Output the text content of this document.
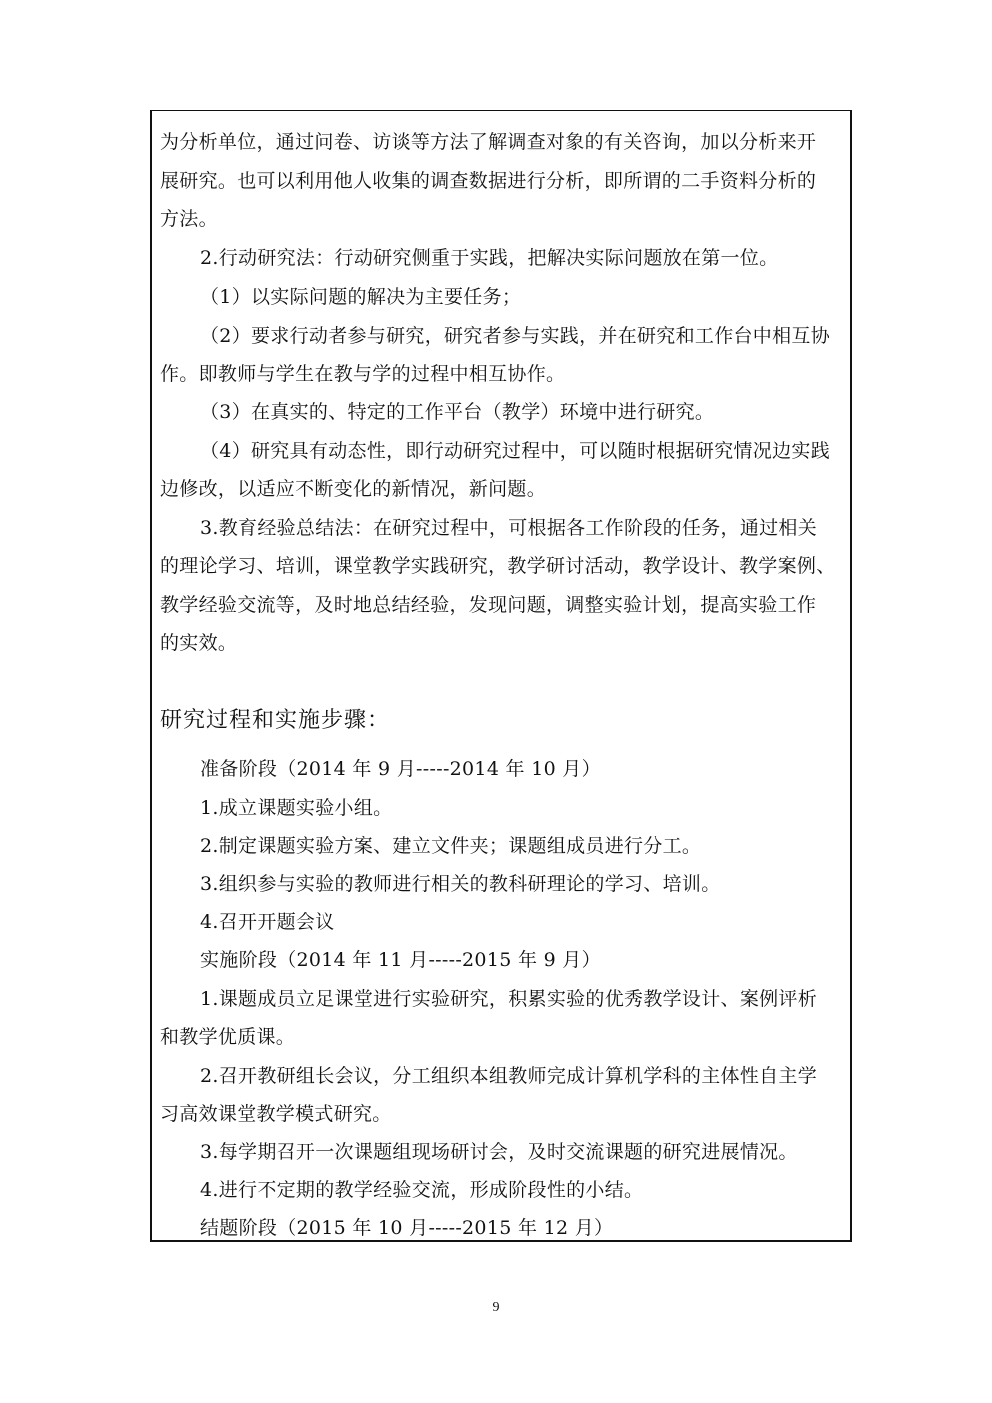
为分析单位，通过问卷、访谈等方法了解调查对象的有关咨询，加以分析来开
展研究。也可以利用他人收集的调查数据进行分析，即所谓的二手资料分析的
方法。
2.行动研究法：行动研究侧重于实践，把解决实际问题放在第一位。
（1）以实际问题的解决为主要任务；
（2）要求行动者参与研究，研究者参与实践，并在研究和工作台中相互协
作。即教师与学生在教与学的过程中相互协作。
（3）在真实的、特定的工作平台（教学）环境中进行研究。
（4）研究具有动态性，即行动研究过程中，可以随时根据研究情况边实践
边修改，以适应不断变化的新情况，新问题。
3.教育经验总结法：在研究过程中，可根据各工作阶段的任务，通过相关
的理论学习、培训，课堂教学实践研究，教学研讨活动，教学设计、教学案例、
教学经验交流等，及时地总结经验，发现问题，调整实验计划，提高实验工作
的实效。
研究过程和实施步骤：
准备阶段（2014 年 9 月-----2014 年 10 月）
1.成立课题实验小组。
2.制定课题实验方案、建立文件夹；课题组成员进行分工。
3.组织参与实验的教师进行相关的教科研理论的学习、培训。
4.召开开题会议
实施阶段（2014 年 11 月-----2015 年 9 月）
1.课题成员立足课堂进行实验研究，积累实验的优秀教学设计、案例评析
和教学优质课。
2.召开教研组长会议，分工组织本组教师完成计算机学科的主体性自主学
习高效课堂教学模式研究。
3.每学期召开一次课题组现场研讨会，及时交流课题的研究进展情况。
4.进行不定期的教学经验交流，形成阶段性的小结。
结题阶段（2015 年 10 月-----2015 年 12 月）
9
